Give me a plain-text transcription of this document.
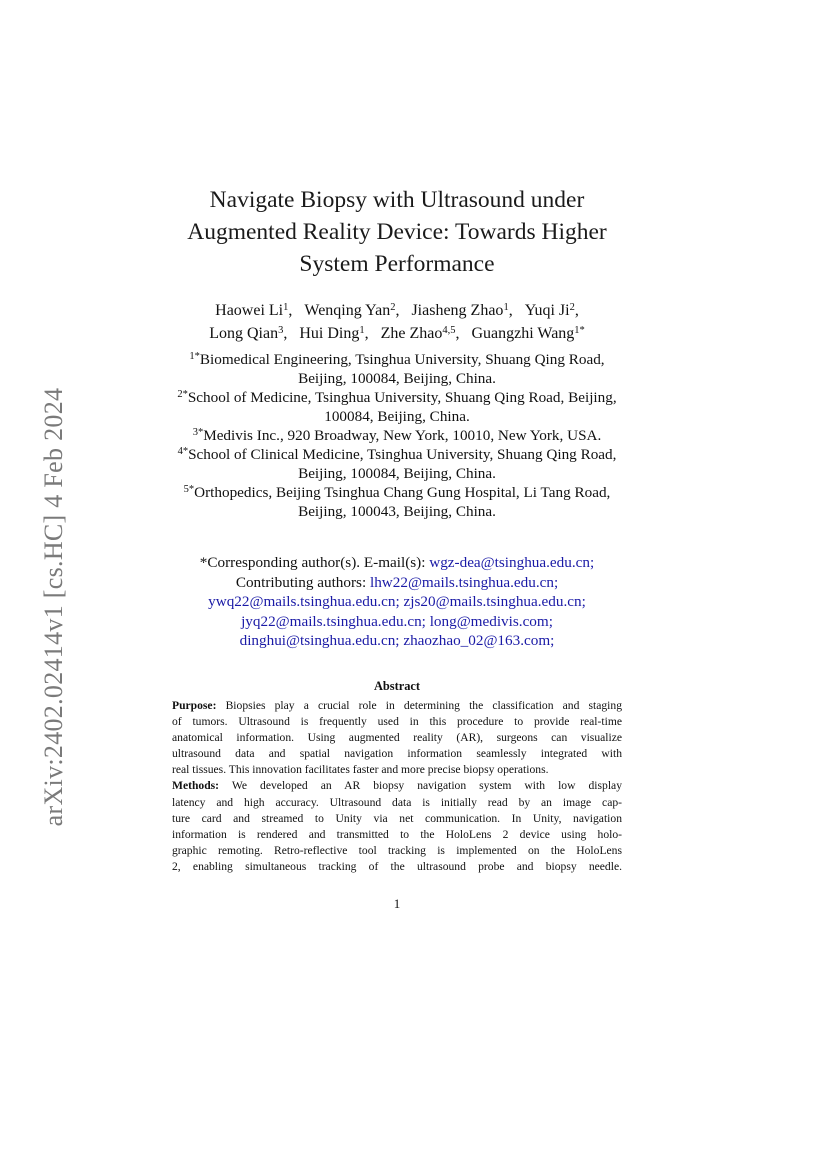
arXiv:2402.02414v1 [cs.HC] 4 Feb 2024
Navigate Biopsy with Ultrasound under
Augmented Reality Device: Towards Higher
System Performance
Haowei Li$^1$, Wenqing Yan$^2$, Jiasheng Zhao$^1$, Yuqi Ji$^2$,
Long Qian$^3$, Hui Ding$^1$, Zhe Zhao$^{4,5}$, Guangzhi Wang$^{1*}$
$^{1*}$Biomedical Engineering, Tsinghua University, Shuang Qing Road,
Beijing, 100084, Beijing, China.
$^{2*}$School of Medicine, Tsinghua University, Shuang Qing Road, Beijing,
100084, Beijing, China.
$^{3*}$Medivis Inc., 920 Broadway, New York, 10010, New York, USA.
$^{4*}$School of Clinical Medicine, Tsinghua University, Shuang Qing Road,
Beijing, 100084, Beijing, China.
$^{5*}$Orthopedics, Beijing Tsinghua Chang Gung Hospital, Li Tang Road,
Beijing, 100043, Beijing, China.
*Corresponding author(s). E-mail(s): wgz-dea@tsinghua.edu.cn;
Contributing authors: lhw22@mails.tsinghua.edu.cn;
ywq22@mails.tsinghua.edu.cn; zjs20@mails.tsinghua.edu.cn;
jyq22@mails.tsinghua.edu.cn; long@medivis.com;
dinghui@tsinghua.edu.cn; zhaozhao_02@163.com;
Abstract
Purpose: Biopsies play a crucial role in determining the classification and staging
of tumors. Ultrasound is frequently used in this procedure to provide real-time
anatomical information. Using augmented reality (AR), surgeons can visualize
ultrasound data and spatial navigation information seamlessly integrated with
real tissues. This innovation facilitates faster and more precise biopsy operations.
Methods: We developed an AR biopsy navigation system with low display
latency and high accuracy. Ultrasound data is initially read by an image cap-
ture card and streamed to Unity via net communication. In Unity, navigation
information is rendered and transmitted to the HoloLens 2 device using holo-
graphic remoting. Retro-reflective tool tracking is implemented on the HoloLens
2, enabling simultaneous tracking of the ultrasound probe and biopsy needle.
1
